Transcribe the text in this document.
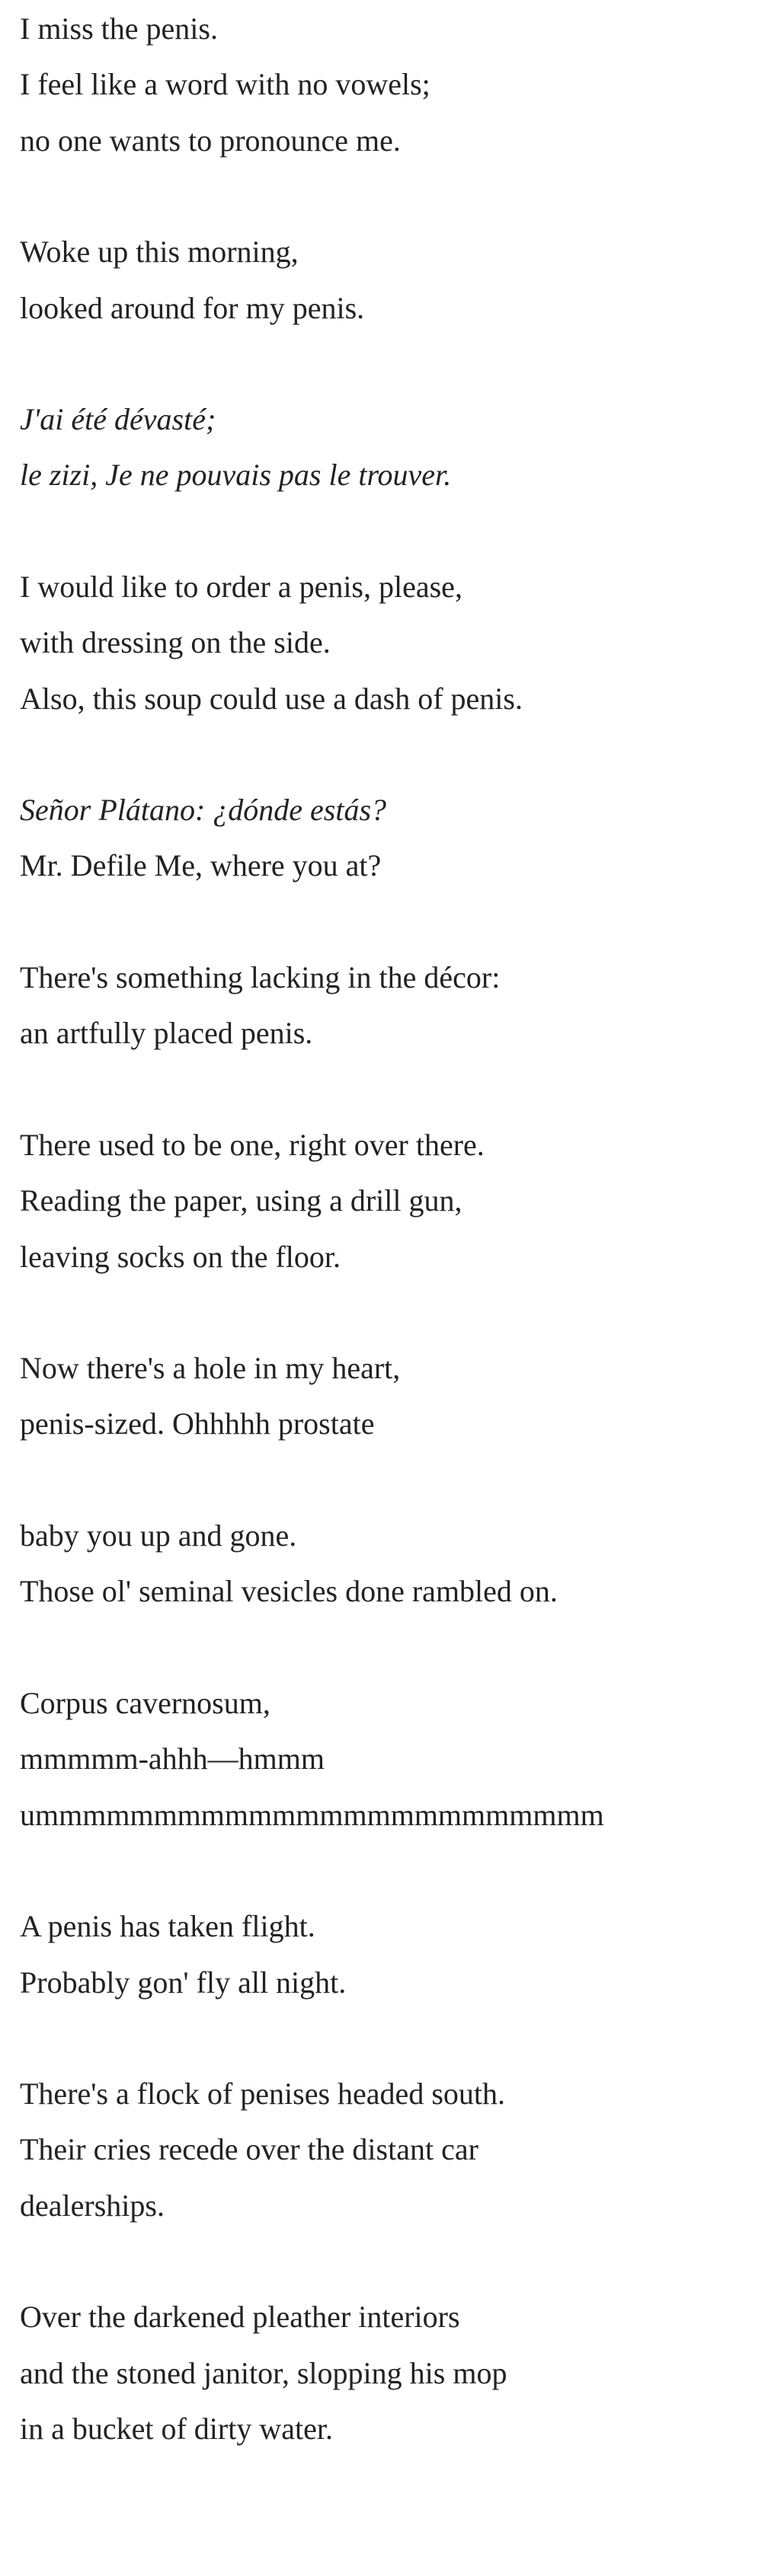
I miss the penis.
I feel like a word with no vowels;
no one wants to pronounce me.
Woke up this morning,
looked around for my penis.
J'ai été dévasté;
le zizi, Je ne pouvais pas le trouver.
I would like to order a penis, please,
with dressing on the side.
Also, this soup could use a dash of penis.
Señor Plátano: ¿dónde estás?
Mr. Defile Me, where you at?
There's something lacking in the décor:
an artfully placed penis.
There used to be one, right over there.
Reading the paper, using a drill gun,
leaving socks on the floor.
Now there's a hole in my heart,
penis-sized. Ohhhhh prostate
baby you up and gone.
Those ol' seminal vesicles done rambled on.
Corpus cavernosum,
mmmmm-ahhh—hmmm
ummmmmmmmmmmmmmmmmmmmmmmm
A penis has taken flight.
Probably gon' fly all night.
There's a flock of penises headed south.
Their cries recede over the distant car
dealerships.
Over the darkened pleather interiors
and the stoned janitor, slopping his mop
in a bucket of dirty water.
